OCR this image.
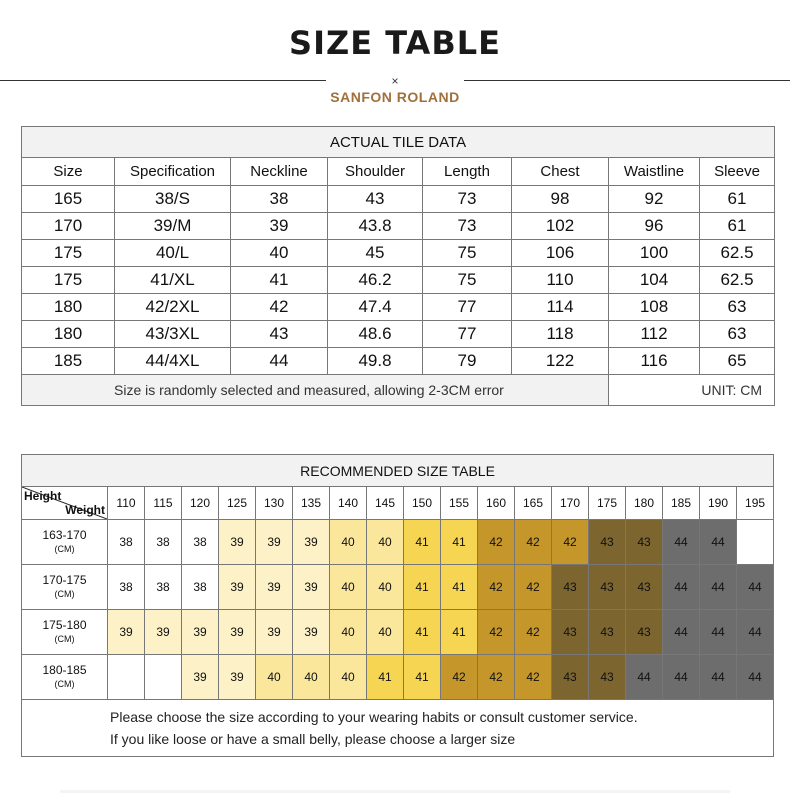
SIZE TABLE
×
SANFON ROLAND
ACTUAL TILE DATA							
Size	Specification	Neckline	Shoulder	Length	Chest	Waistline	Sleeve
165	38/S	38	43	73	98	92	61
170	39/M	39	43.8	73	102	96	61
175	40/L	40	45	75	106	100	62.5
175	41/XL	41	46.2	75	110	104	62.5
180	42/2XL	42	47.4	77	114	108	63
180	43/3XL	43	48.6	77	118	112	63
185	44/4XL	44	49.8	79	122	116	65
Size is randomly selected and measured, allowing 2-3CM error						UNIT: CM	
RECOMMENDED SIZE TABLE																		

Height
Weight	110	115	120	125	130	135	140	145	150	155	160	165	170	175	180	185	190	195
163-170
(CM)	38	38	38	39	39	39	40	40	41	41	42	42	42	43	43	44	44	
170-175
(CM)	38	38	38	39	39	39	40	40	41	41	42	42	43	43	43	44	44	44
175-180
(CM)	39	39	39	39	39	39	40	40	41	41	42	42	43	43	43	44	44	44
180-185
(CM)			39	39	40	40	40	41	41	42	42	42	43	43	44	44	44	44
Please choose the size according to your wearing habits or consult customer service.
If you like loose or have a small belly, please choose a larger size																		
